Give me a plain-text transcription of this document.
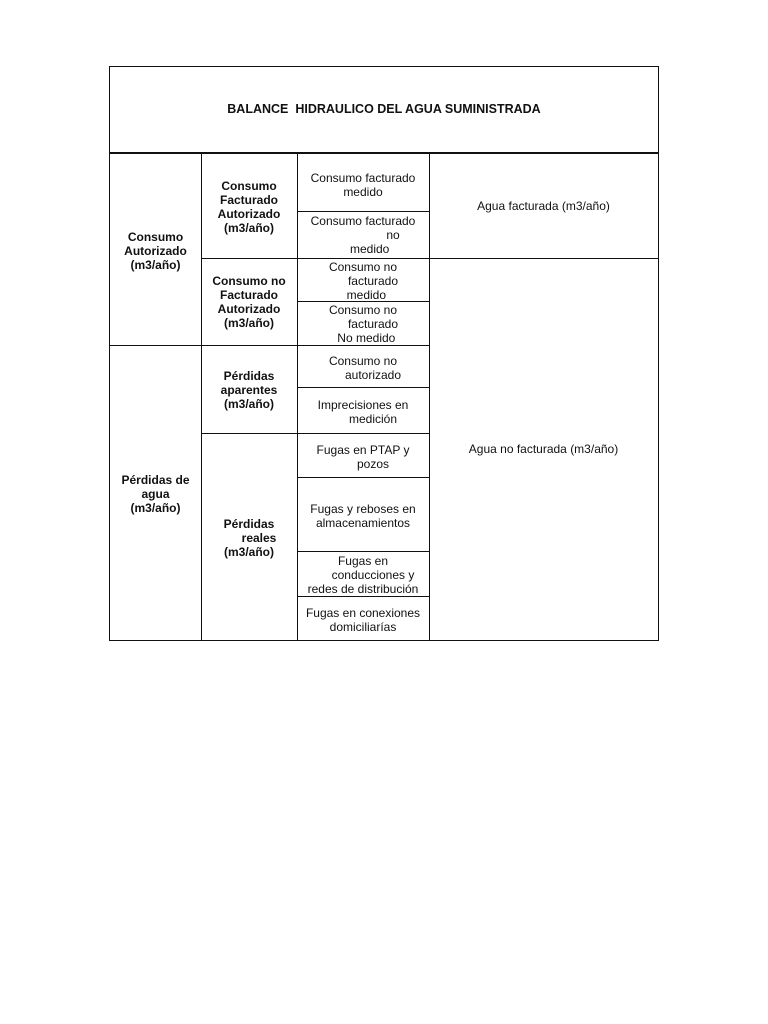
BALANCE  HIDRAULICO DEL AGUA SUMINISTRADA
Consumo
Autorizado
(m3/año)
Pérdidas de
agua
(m3/año)
Consumo
Facturado
Autorizado
(m3/año)
Consumo no
Facturado
Autorizado
(m3/año)
Pérdidas
aparentes
(m3/año)
Pérdidas
reales
(m3/año)
Consumo facturado
medido
Consumo facturado
no
medido
Consumo no
facturado
medido
Consumo no
facturado
No medido
Consumo no
autorizado
Imprecisiones en
medición
Fugas en PTAP y
pozos
Fugas y reboses en
almacenamientos
Fugas en
conducciones y
redes de distribución
Fugas en conexiones
domiciliarías
Agua facturada (m3/año)
Agua no facturada (m3/año)
